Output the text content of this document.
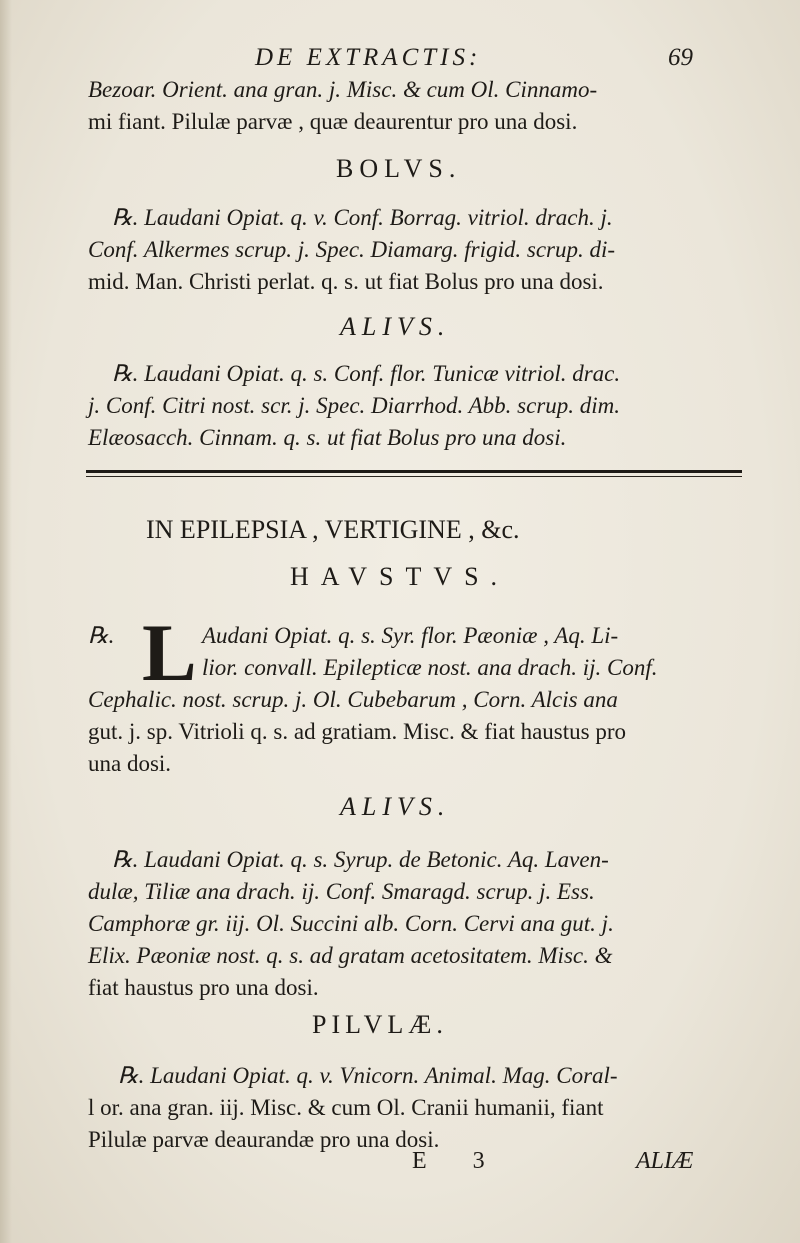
DE EXTRACTIS:	69
Bezoar. Orient. ana gran. j. Misc. & cum Ol. Cinnamo-
mi fiant. Pilulæ parvæ , quæ deaurentur pro una dosi.
BOLVS.
℞. Laudani Opiat. q. v. Conf. Borrag. vitriol. drach. j.
Conf. Alkermes scrup. j. Spec. Diamarg. frigid. scrup. di-
mid. Man. Christi perlat. q. s. ut fiat Bolus pro una dosi.
ALIVS.
℞. Laudani Opiat. q. s. Conf. flor. Tunicæ vitriol. drac.
j. Conf. Citri nost. scr. j. Spec. Diarrhod. Abb. scrup. dim.
Elæosacch. Cinnam. q. s. ut fiat Bolus pro una dosi.
IN EPILEPSIA , VERTIGINE , &c.
HAVSTVS.
℞. L Audani Opiat. q. s. Syr. flor. Pæoniæ , Aq. Li-
lior. convall. Epilepticæ nost. ana drach. ij. Conf.
Cephalic. nost. scrup. j. Ol. Cubebarum , Corn. Alcis ana
gut. j. sp. Vitrioli q. s. ad gratiam. Misc. & fiat haustus pro
una dosi.
ALIVS.
℞. Laudani Opiat. q. s. Syrup. de Betonic. Aq. Laven-
dulæ, Tiliæ ana drach. ij. Conf. Smaragd. scrup. j. Ess.
Camphoræ gr. iij. Ol. Succini alb. Corn. Cervi ana gut. j.
Elix. Pæoniæ nost. q. s. ad gratam acetositatem. Misc. &
fiat haustus pro una dosi.
PILVLÆ.
℞. Laudani Opiat. q. v. Vnicorn. Animal. Mag. Coral-
l or. ana gran. iij. Misc. & cum Ol. Cranii humanii, fiant
Pilulæ parvæ deaurandæ pro una dosi.
E 3	ALIÆ
